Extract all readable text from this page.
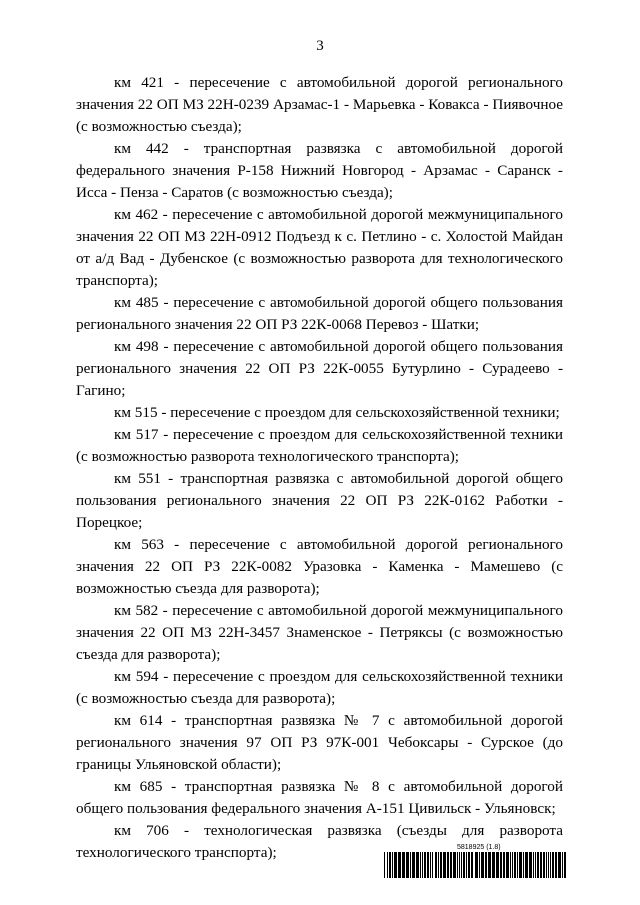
3

км 421 - пересечение с автомобильной дорогой регионального значения 22 ОП МЗ 22Н-0239 Арзамас-1 - Марьевка - Ковакса - Пиявочное (с возможностью съезда);

км 442 - транспортная развязка с автомобильной дорогой федерального значения Р-158 Нижний Новгород - Арзамас - Саранск - Исса - Пенза - Саратов (с возможностью съезда);

км 462 - пересечение с автомобильной дорогой межмуниципального значения 22 ОП МЗ 22Н-0912 Подъезд к с. Петлино - с. Холостой Майдан от а/д Вад - Дубенское (с возможностью разворота для технологического транспорта);

км 485 - пересечение с автомобильной дорогой общего пользования регионального значения 22 ОП РЗ 22К-0068 Перевоз - Шатки;

км 498 - пересечение с автомобильной дорогой общего пользования регионального значения 22 ОП РЗ 22К-0055 Бутурлино - Сурадеево - Гагино;

км 515 - пересечение с проездом для сельскохозяйственной техники;

км 517 - пересечение с проездом для сельскохозяйственной техники (с возможностью разворота технологического транспорта);

км 551 - транспортная развязка с автомобильной дорогой общего пользования регионального значения 22 ОП РЗ 22К-0162 Работки - Порецкое;

км 563 - пересечение с автомобильной дорогой регионального значения 22 ОП РЗ 22К-0082 Уразовка - Каменка - Мамешево (с возможностью съезда для разворота);

км 582 - пересечение с автомобильной дорогой межмуниципального значения 22 ОП МЗ 22Н-3457 Знаменское - Петряксы (с возможностью съезда для разворота);

км 594 - пересечение с проездом для сельскохозяйственной техники (с возможностью съезда для разворота);

км 614 - транспортная развязка № 7 с автомобильной дорогой регионального значения 97 ОП РЗ 97К-001 Чебоксары - Сурское (до границы Ульяновской области);

км 685 - транспортная развязка № 8 с автомобильной дорогой общего пользования федерального значения А-151 Цивильск - Ульяновск;

км 706 - технологическая развязка (съезды для разворота технологического транспорта);	5818925 (1.8)
